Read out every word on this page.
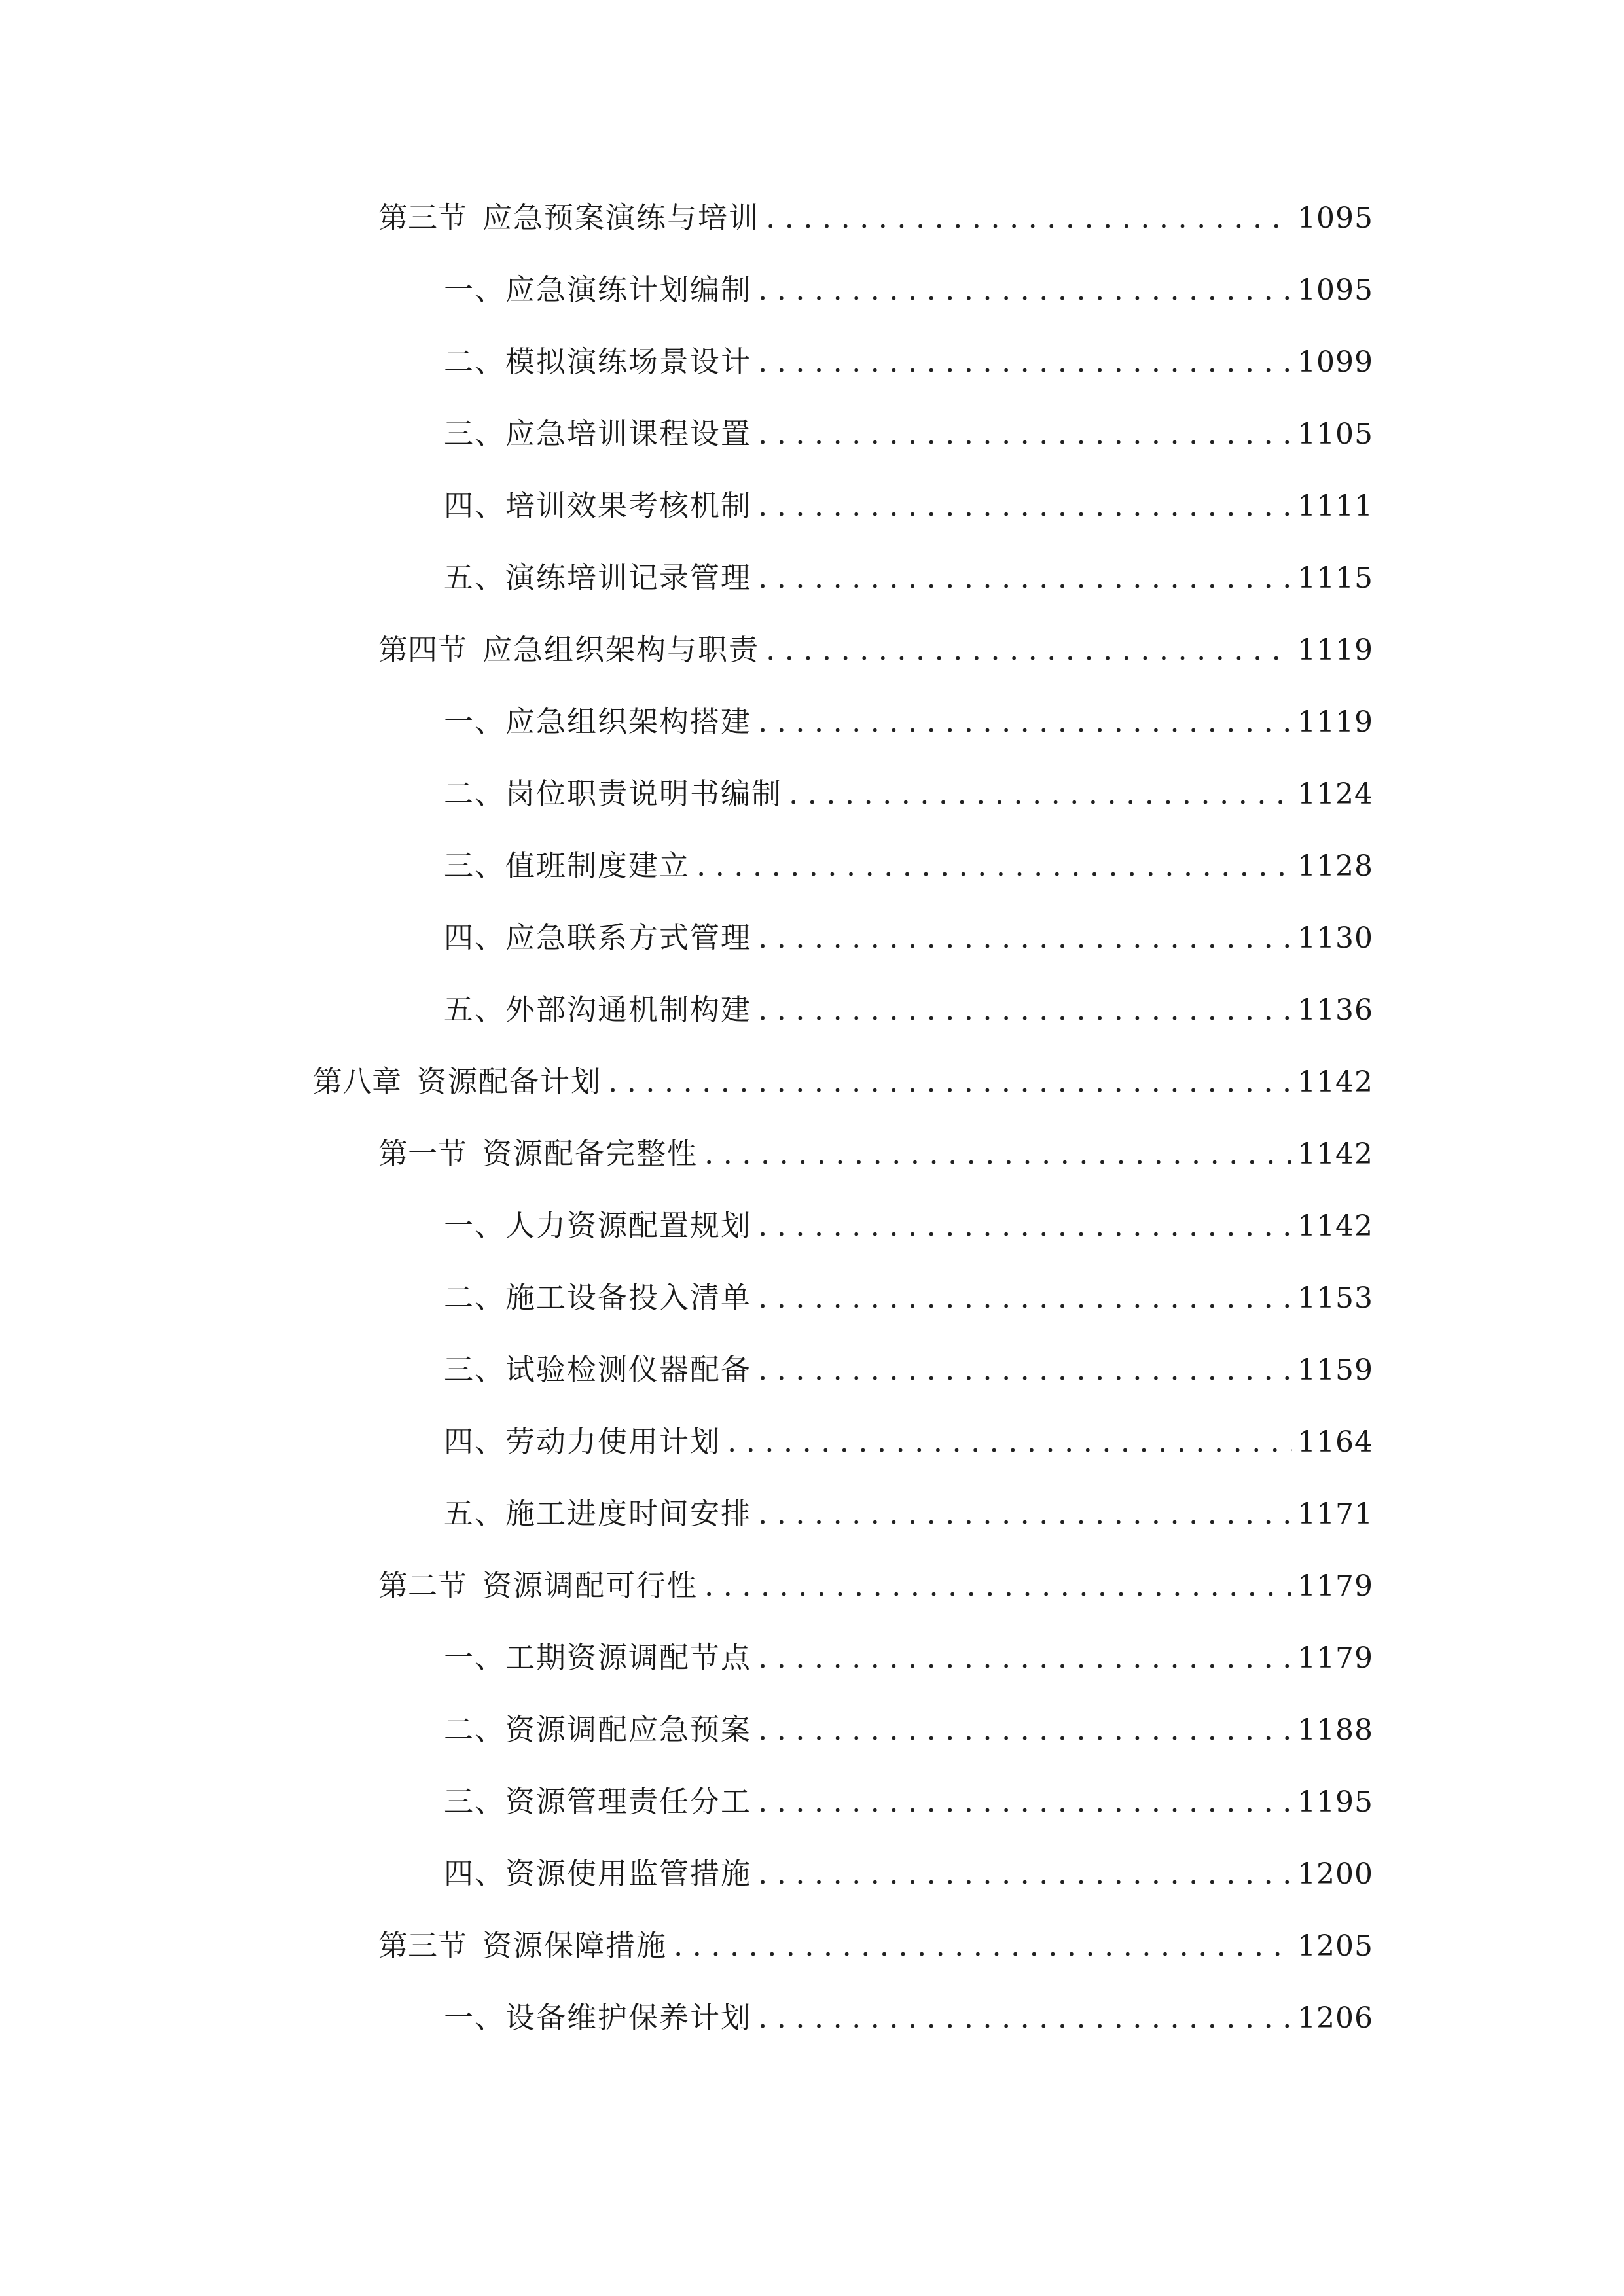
第三节 应急预案演练与培训 . . .	1095
一、 应急演练计划编制 . . .	1095
二、 模拟演练场景设计 . . .	1099
三、 应急培训课程设置 . . .	1105
四、 培训效果考核机制 . . .	1111
五、 演练培训记录管理 . . .	1115
第四节 应急组织架构与职责 . . .	1119
一、 应急组织架构搭建 . . .	1119
二、 岗位职责说明书编制 . . .	1124
三、 值班制度建立 . . .	1128
四、 应急联系方式管理 . . .	1130
五、 外部沟通机制构建 . . .	1136
第八章 资源配备计划 . . .	1142
第一节 资源配备完整性 . . .	1142
一、 人力资源配置规划 . . .	1142
二、 施工设备投入清单 . . .	1153
三、 试验检测仪器配备 . . .	1159
四、 劳动力使用计划 . . .	1164
五、 施工进度时间安排 . . .	1171
第二节 资源调配可行性 . . .	1179
一、 工期资源调配节点 . . .	1179
二、 资源调配应急预案 . . .	1188
三、 资源管理责任分工 . . .	1195
四、 资源使用监管措施 . . .	1200
第三节 资源保障措施 . . .	1205
一、 设备维护保养计划 . . .	1206
